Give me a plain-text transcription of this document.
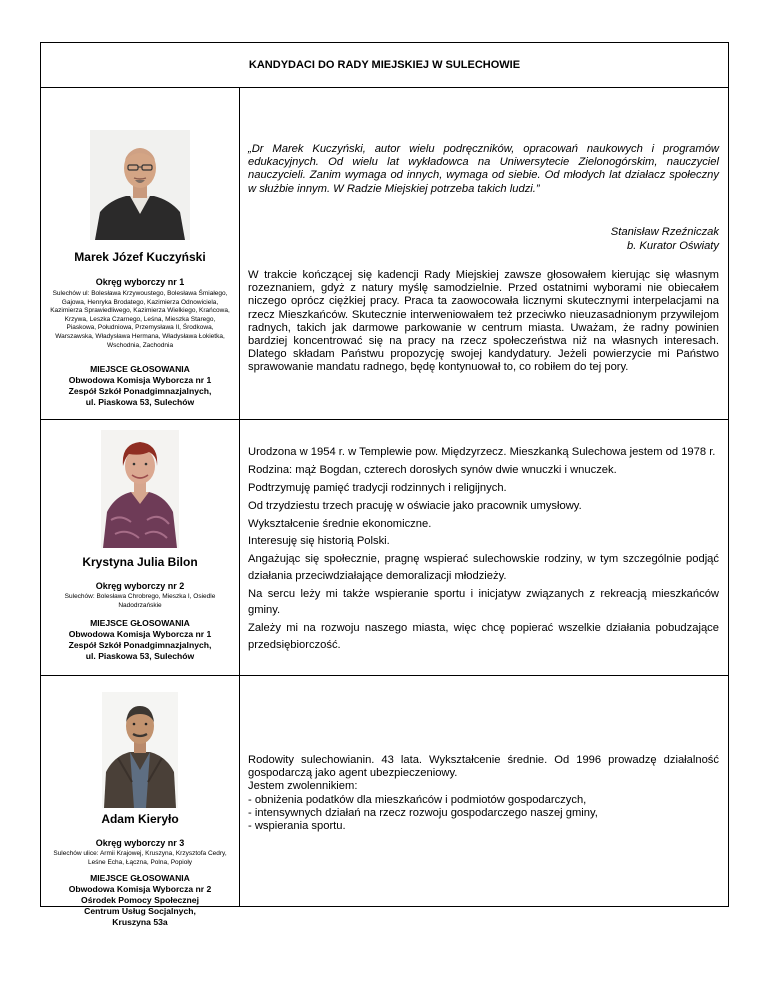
KANDYDACI DO RADY MIEJSKIEJ W SULECHOWIE
Marek Józef Kuczyński
Okręg wyborczy nr 1
Sulechów ul: Bolesława Krzywoustego, Bolesława Śmiałego, Gajowa, Henryka Brodatego, Kazimierza Odnowiciela, Kazimierza Sprawiedliwego, Kazimierza Wielkiego, Krańcowa, Krzywa, Leszka Czarnego, Leśna, Mieszka Starego, Piaskowa, Południowa, Przemysława II, Środkowa, Warszawska, Władysława Hermana, Władysława Łokietka, Wschodnia, Zachodnia
MIEJSCE GŁOSOWANIA
Obwodowa Komisja Wyborcza nr 1
Zespół Szkół Ponadgimnazjalnych,
ul. Piaskowa 53, Sulechów
„Dr Marek Kuczyński, autor wielu podręczników, opracowań naukowych i programów edukacyjnych. Od wielu lat wykładowca na Uniwersytecie Zielonogórskim, nauczyciel nauczycieli. Zanim wymaga od innych, wymaga od siebie. Od młodych lat działacz społeczny w służbie innym. W Radzie Miejskiej potrzeba takich ludzi.”
Stanisław Rzeźniczak
b. Kurator Oświaty
W trakcie kończącej się kadencji Rady Miejskiej zawsze głosowałem kierując się własnym rozeznaniem, gdyż z natury myślę samodzielnie. Przed ostatnimi wyborami nie obiecałem niczego oprócz ciężkiej pracy. Praca ta zaowocowała licznymi skutecznymi interpelacjami na rzecz Mieszkańców. Skutecznie interweniowałem też przeciwko nieuzasadnionym przywilejom radnych, takich jak darmowe parkowanie w centrum miasta. Uważam, że radny powinien bardziej koncentrować się na pracy na rzecz społeczeństwa niż na własnych interesach. Dlatego składam Państwu propozycję swojej kandydatury. Jeżeli powierzycie mi Państwo sprawowanie mandatu radnego, będę kontynuował to, co robiłem do tej pory.
Krystyna Julia Bilon
Okręg wyborczy nr 2
Sulechów: Bolesława Chrobrego, Mieszka I, Osiedle Nadodrzańskie
MIEJSCE GŁOSOWANIA
Obwodowa Komisja Wyborcza nr 1
Zespół Szkół Ponadgimnazjalnych,
ul. Piaskowa 53, Sulechów

Urodzona w 1954 r. w Templewie pow. Międzyrzecz. Mieszkanką Sulechowa jestem od 1978 r.

Rodzina: mąż Bogdan, czterech dorosłych synów dwie wnuczki i wnuczek.

Podtrzymuję pamięć tradycji rodzinnych i religijnych.

Od trzydziestu trzech pracuję w oświacie jako pracownik umysłowy.

Wykształcenie średnie ekonomiczne.

Interesuję się historią Polski.

Angażując się społecznie, pragnę wspierać sulechowskie rodziny, w tym szczególnie podjąć działania przeciwdziałające demoralizacji młodzieży.

Na sercu leży mi także wspieranie sportu i inicjatyw związanych z rekreacją mieszkańców gminy.

Zależy mi na rozwoju naszego miasta, więc chcę popierać wszelkie działania pobudzające przedsiębiorczość.

Adam Kieryło
Okręg wyborczy nr 3
Sulechów ulice: Armii Krajowej, Kruszyna, Krzysztofa Cedry, Leśne Echa, Łączna, Polna, Popioły
MIEJSCE GŁOSOWANIA
Obwodowa Komisja Wyborcza nr 2
Ośrodek Pomocy Społecznej
Centrum Usług Socjalnych,
Kruszyna 53a

Rodowity sulechowianin. 43 lata. Wykształcenie średnie. Od 1996 prowadzę działalność gospodarczą jako agent ubezpieczeniowy.

Jestem zwolennikiem:

- obniżenia podatków dla mieszkańców i podmiotów gospodarczych,

- intensywnych działań na rzecz rozwoju gospodarczego naszej gminy,

- wspierania sportu.
